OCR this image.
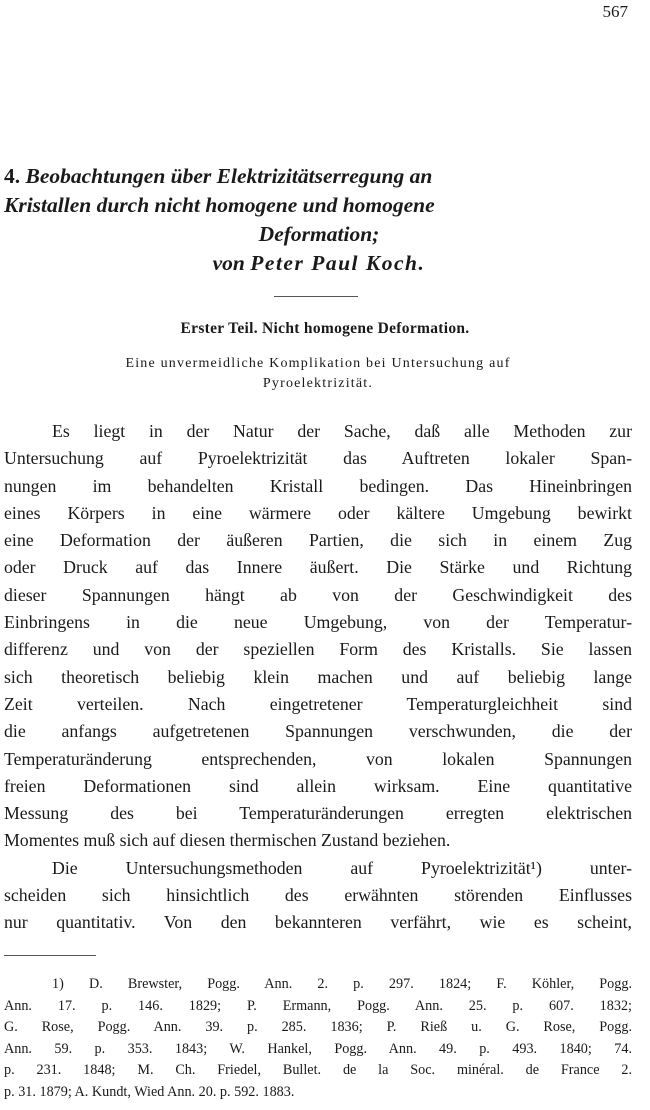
567
4. Beobachtungen über Elektrizitätserregung an
Kristallen durch nicht homogene und homogene
Deformation;
von Peter Paul Koch.
Erster Teil. Nicht homogene Deformation.
Eine unvermeidliche Komplikation bei Untersuchung auf
Pyroelektrizität.
Es liegt in der Natur der Sache, daß alle Methoden zur
Untersuchung auf Pyroelektrizität das Auftreten lokaler Span-
nungen im behandelten Kristall bedingen. Das Hineinbringen
eines Körpers in eine wärmere oder kältere Umgebung bewirkt
eine Deformation der äußeren Partien, die sich in einem Zug
oder Druck auf das Innere äußert. Die Stärke und Richtung
dieser Spannungen hängt ab von der Geschwindigkeit des
Einbringens in die neue Umgebung, von der Temperatur-
differenz und von der speziellen Form des Kristalls. Sie lassen
sich theoretisch beliebig klein machen und auf beliebig lange
Zeit verteilen. Nach eingetretener Temperaturgleichheit sind
die anfangs aufgetretenen Spannungen verschwunden, die der
Temperaturänderung entsprechenden, von lokalen Spannungen
freien Deformationen sind allein wirksam. Eine quantitative
Messung des bei Temperaturänderungen erregten elektrischen
Momentes muß sich auf diesen thermischen Zustand beziehen.
Die Untersuchungsmethoden auf Pyroelektrizität¹) unter-
scheiden sich hinsichtlich des erwähnten störenden Einflusses
nur quantitativ. Von den bekannteren verfährt, wie es scheint,
1) D. Brewster, Pogg. Ann. 2. p. 297. 1824; F. Köhler, Pogg.
Ann. 17. p. 146. 1829; P. Ermann, Pogg. Ann. 25. p. 607. 1832;
G. Rose, Pogg. Ann. 39. p. 285. 1836; P. Rieß u. G. Rose, Pogg.
Ann. 59. p. 353. 1843; W. Hankel, Pogg. Ann. 49. p. 493. 1840; 74.
p. 231. 1848; M. Ch. Friedel, Bullet. de la Soc. minéral. de France 2.
p. 31. 1879; A. Kundt, Wied Ann. 20. p. 592. 1883.
